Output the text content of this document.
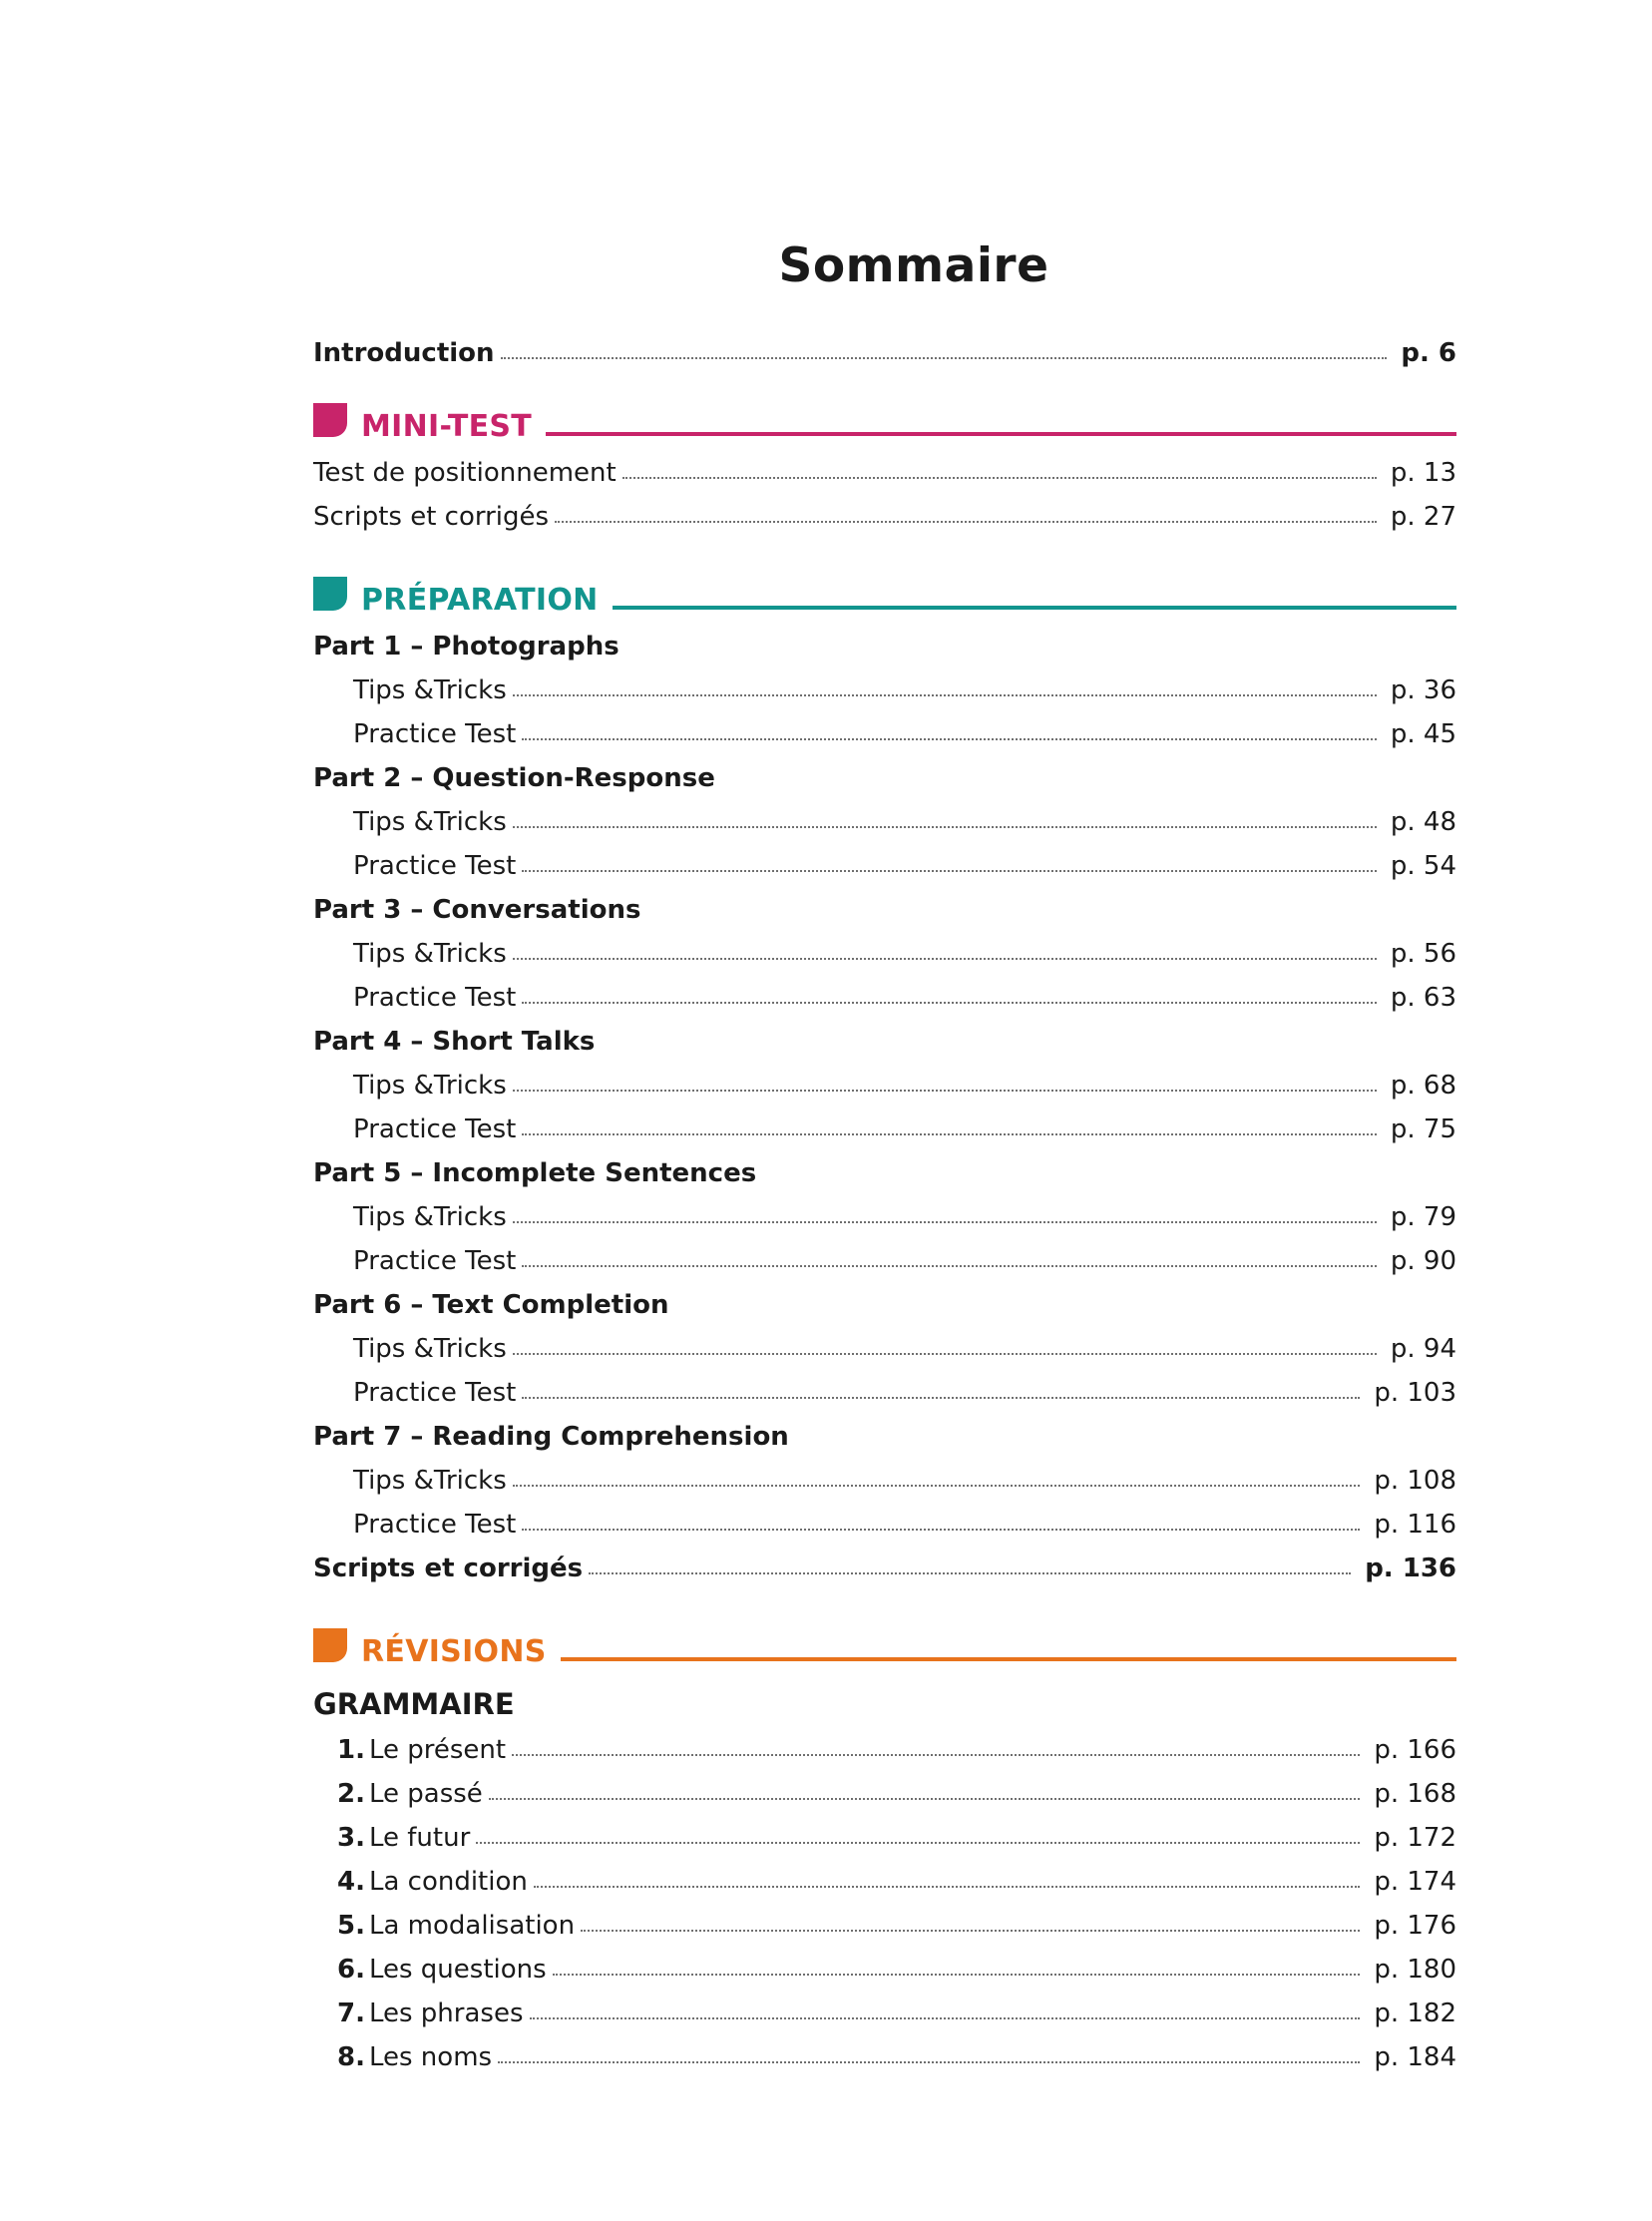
Sommaire
Introduction	p. 6
MINI-TEST
Test de positionnement	p. 13
Scripts et corrigés	p. 27
PRÉPARATION
Part 1 – Photographs
Tips &Tricks	p. 36
Practice Test	p. 45
Part 2 – Question-Response
Tips &Tricks	p. 48
Practice Test	p. 54
Part 3 – Conversations
Tips &Tricks	p. 56
Practice Test	p. 63
Part 4 – Short Talks
Tips &Tricks	p. 68
Practice Test	p. 75
Part 5 – Incomplete Sentences
Tips &Tricks	p. 79
Practice Test	p. 90
Part 6 – Text Completion
Tips &Tricks	p. 94
Practice Test	p. 103
Part 7 – Reading Comprehension
Tips &Tricks	p. 108
Practice Test	p. 116
Scripts et corrigés	p. 136
RÉVISIONS
GRAMMAIRE
1. Le présent	p. 166
2. Le passé	p. 168
3. Le futur	p. 172
4. La condition	p. 174
5. La modalisation	p. 176
6. Les questions	p. 180
7. Les phrases	p. 182
8. Les noms	p. 184
